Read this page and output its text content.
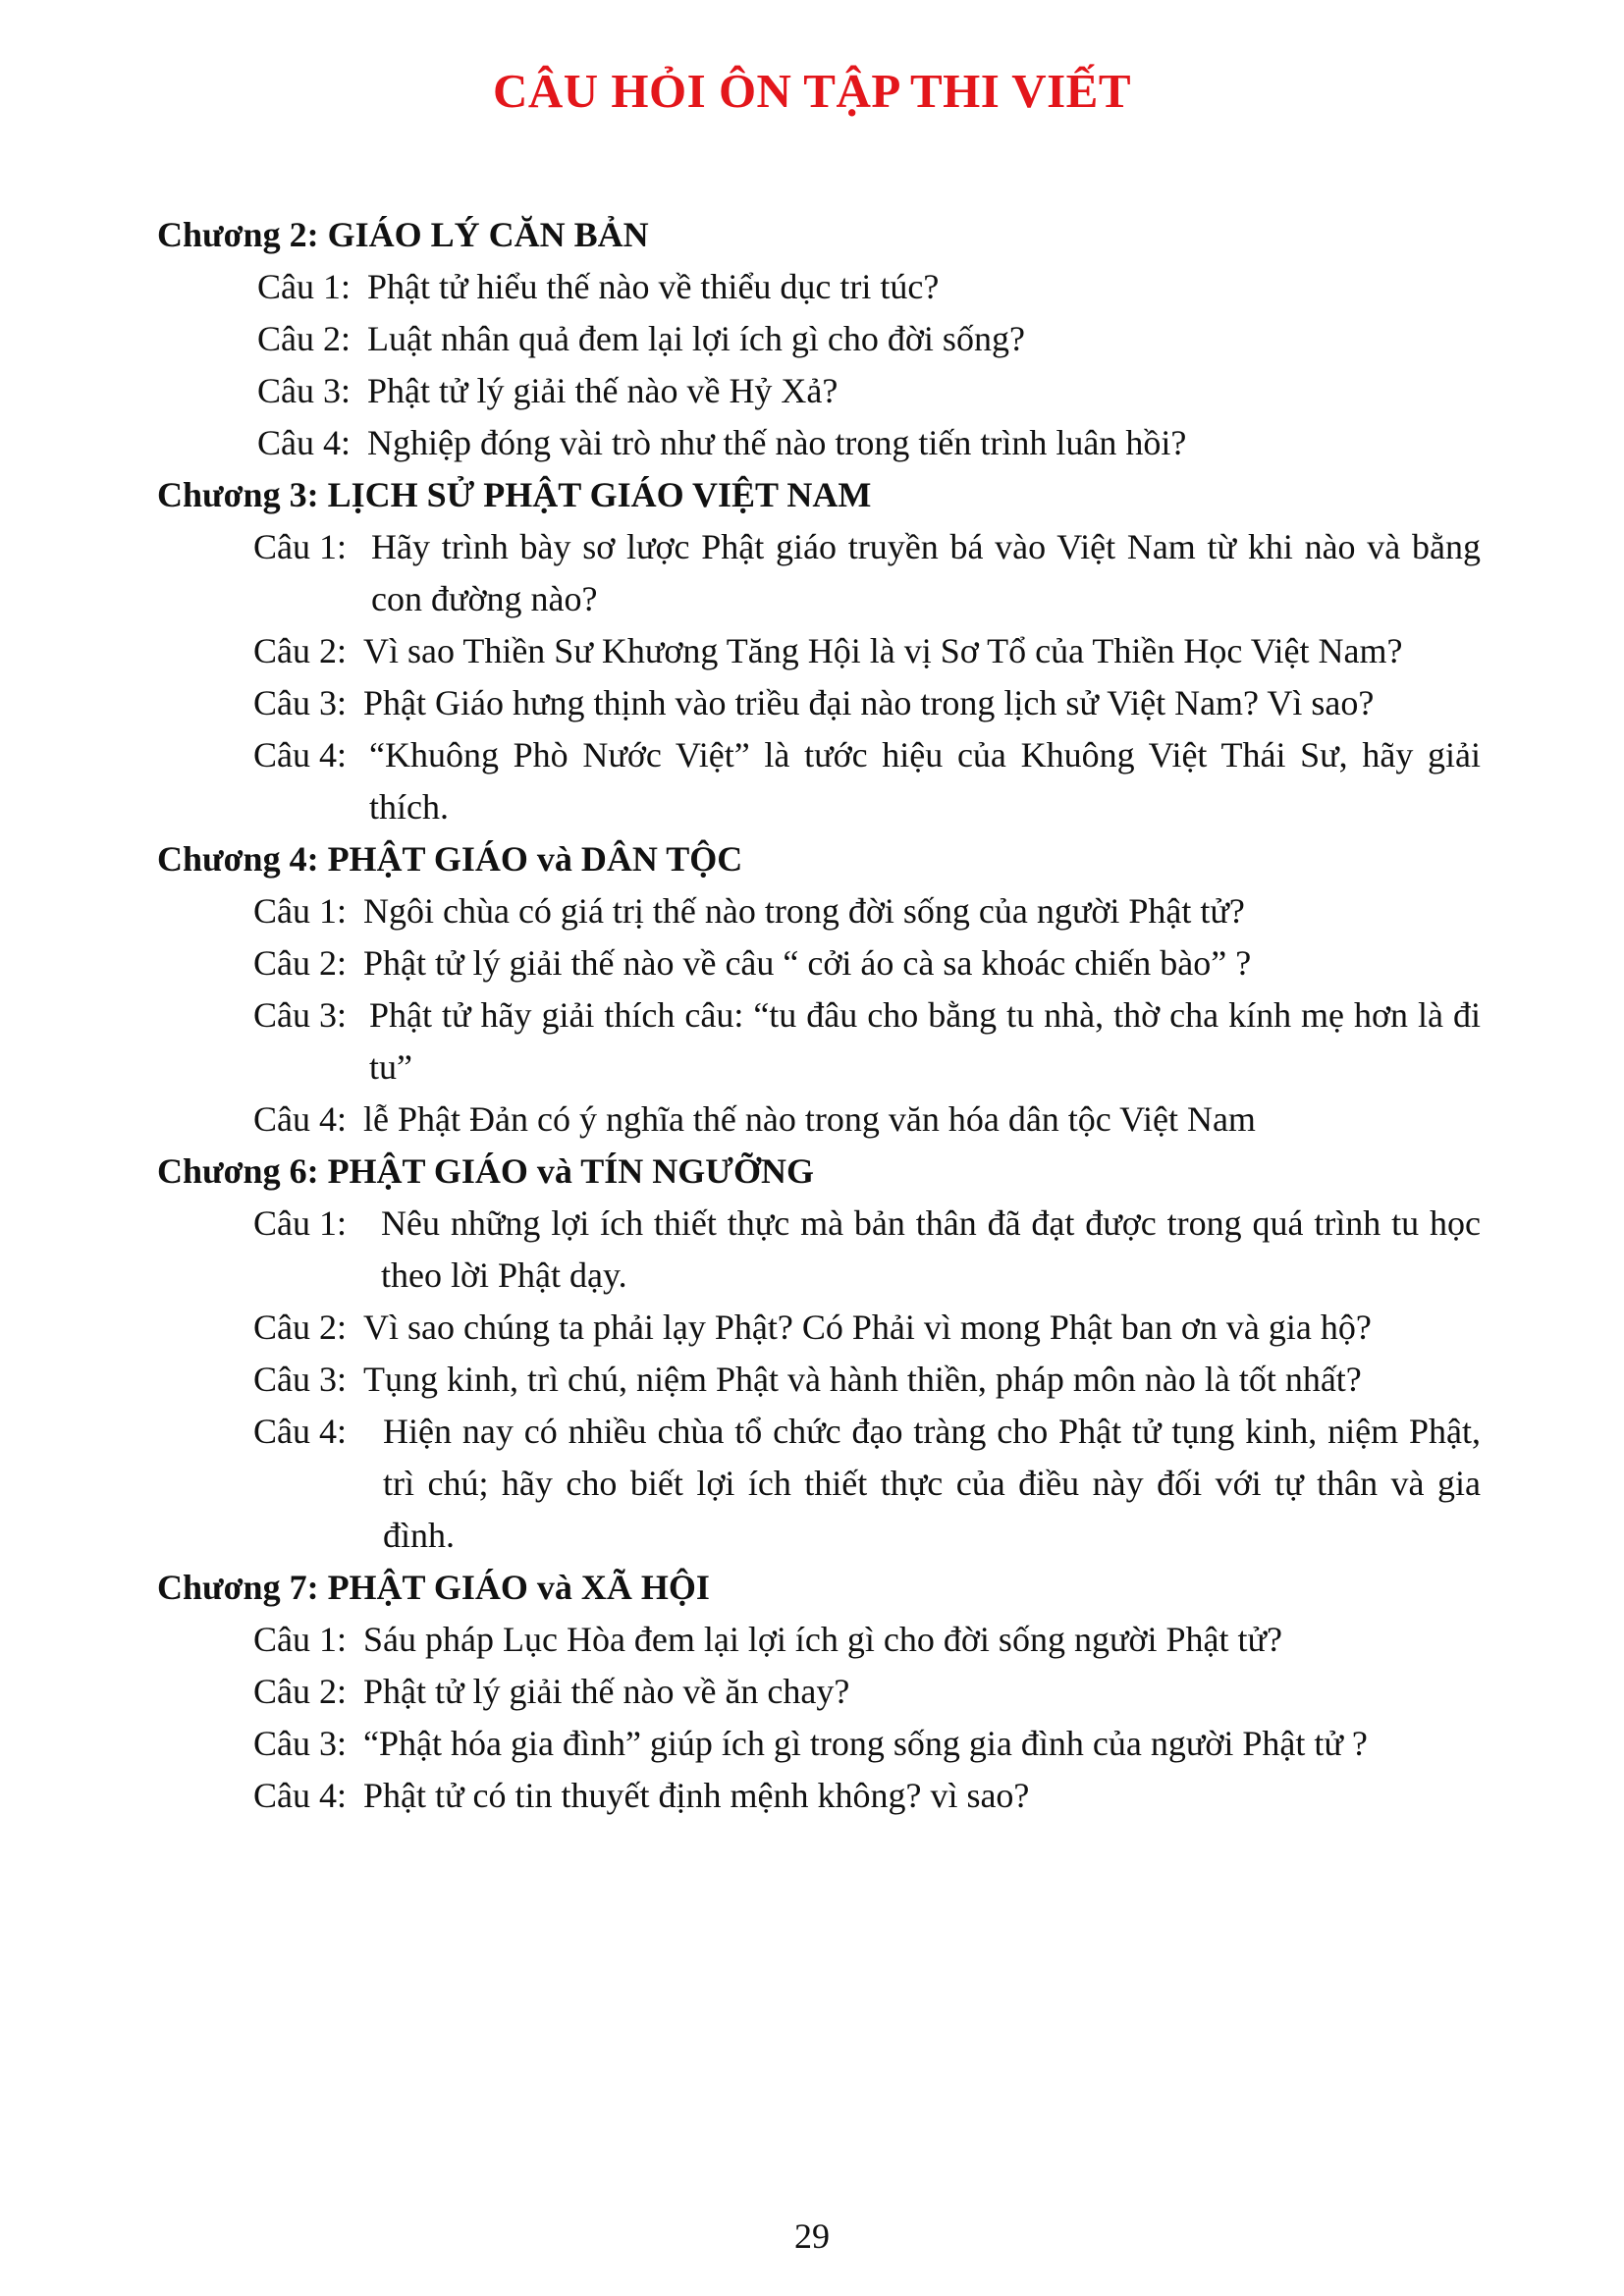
CÂU HỎI ÔN TẬP THI VIẾT
Chương 2: GIÁO LÝ CĂN BẢN
Câu 1: Phật tử hiểu thế nào về thiểu dục tri túc?
Câu 2: Luật nhân quả đem lại lợi ích gì cho đời sống?
Câu 3: Phật tử lý giải thế nào về Hỷ Xả?
Câu 4: Nghiệp đóng vài trò như thế nào trong tiến trình luân hồi?
Chương 3: LỊCH SỬ PHẬT GIÁO VIỆT NAM
Câu 1: Hãy trình bày sơ lược Phật giáo truyền bá vào Việt Nam từ khi nào và bằng con đường nào?
Câu 2: Vì sao Thiền Sư Khương Tăng Hội là vị Sơ Tổ của Thiền Học Việt Nam?
Câu 3: Phật Giáo hưng thịnh vào triều đại nào trong lịch sử Việt Nam? Vì sao?
Câu 4: “Khuông Phò Nước Việt” là tước hiệu của Khuông Việt Thái Sư, hãy giải thích.
Chương 4: PHẬT GIÁO và DÂN TỘC
Câu 1: Ngôi chùa có giá trị thế nào trong đời sống của người Phật tử?
Câu 2: Phật tử lý giải thế nào về câu “ cởi áo cà sa khoác chiến bào” ?
Câu 3: Phật tử hãy giải thích câu: “tu đâu cho bằng tu nhà, thờ cha kính mẹ hơn là đi tu”
Câu 4: lễ Phật Đản có ý nghĩa thế nào trong văn hóa dân tộc Việt Nam
Chương 6: PHẬT GIÁO và TÍN NGƯỠNG
Câu 1: Nêu những lợi ích thiết thực mà bản thân đã đạt được trong quá trình tu học theo lời Phật dạy.
Câu 2: Vì sao chúng ta phải lạy Phật? Có Phải vì mong Phật ban ơn và gia hộ?
Câu 3: Tụng kinh, trì chú, niệm Phật và hành thiền, pháp môn nào là tốt nhất?
Câu 4:	Hiện nay có nhiều chùa tổ chức đạo tràng cho Phật tử tụng kinh, niệm Phật, trì chú; hãy cho biết lợi ích thiết thực của điều này đối với tự thân và gia đình.
Chương 7: PHẬT GIÁO và XÃ HỘI
Câu 1: Sáu pháp Lục Hòa đem lại lợi ích gì cho đời sống người Phật tử?
Câu 2: Phật tử lý giải thế nào về ăn chay?
Câu 3: “Phật hóa gia đình” giúp ích gì trong sống gia đình của người Phật tử ?
Câu 4: Phật tử có tin thuyết định mệnh không? vì sao?
29
